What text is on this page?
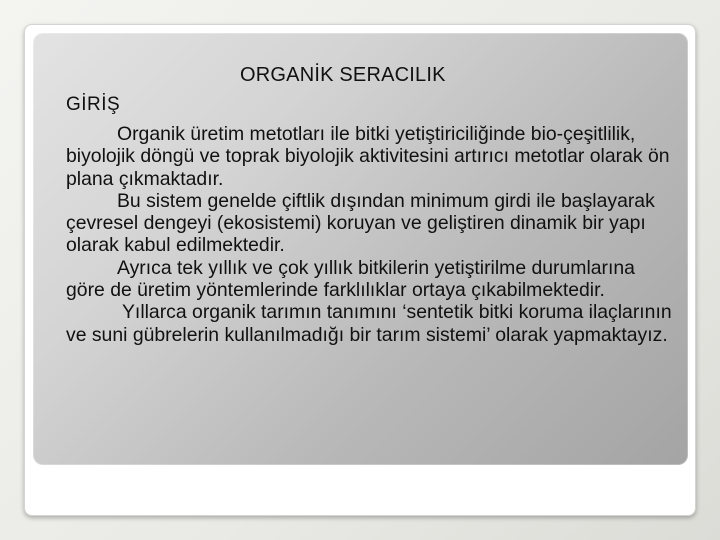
ORGANİK SERACILIK
GİRİŞ

Organik üretim metotları ile bitki yetiştiriciliğinde bio-çeşitlilik, biyolojik döngü ve toprak biyolojik aktivitesini artırıcı metotlar olarak ön plana çıkmaktadır.

Bu sistem genelde çiftlik dışından minimum girdi ile başlayarak çevresel dengeyi (ekosistemi) koruyan ve geliştiren dinamik bir yapı olarak kabul edilmektedir.

Ayrıca tek yıllık ve çok yıllık bitkilerin yetiştirilme durumlarına göre de üretim yöntemlerinde farklılıklar ortaya çıkabilmektedir.

Yıllarca organik tarımın tanımını ‘sentetik bitki koruma ilaçlarının ve suni gübrelerin kullanılmadığı bir tarım sistemi’ olarak yapmaktayız.
